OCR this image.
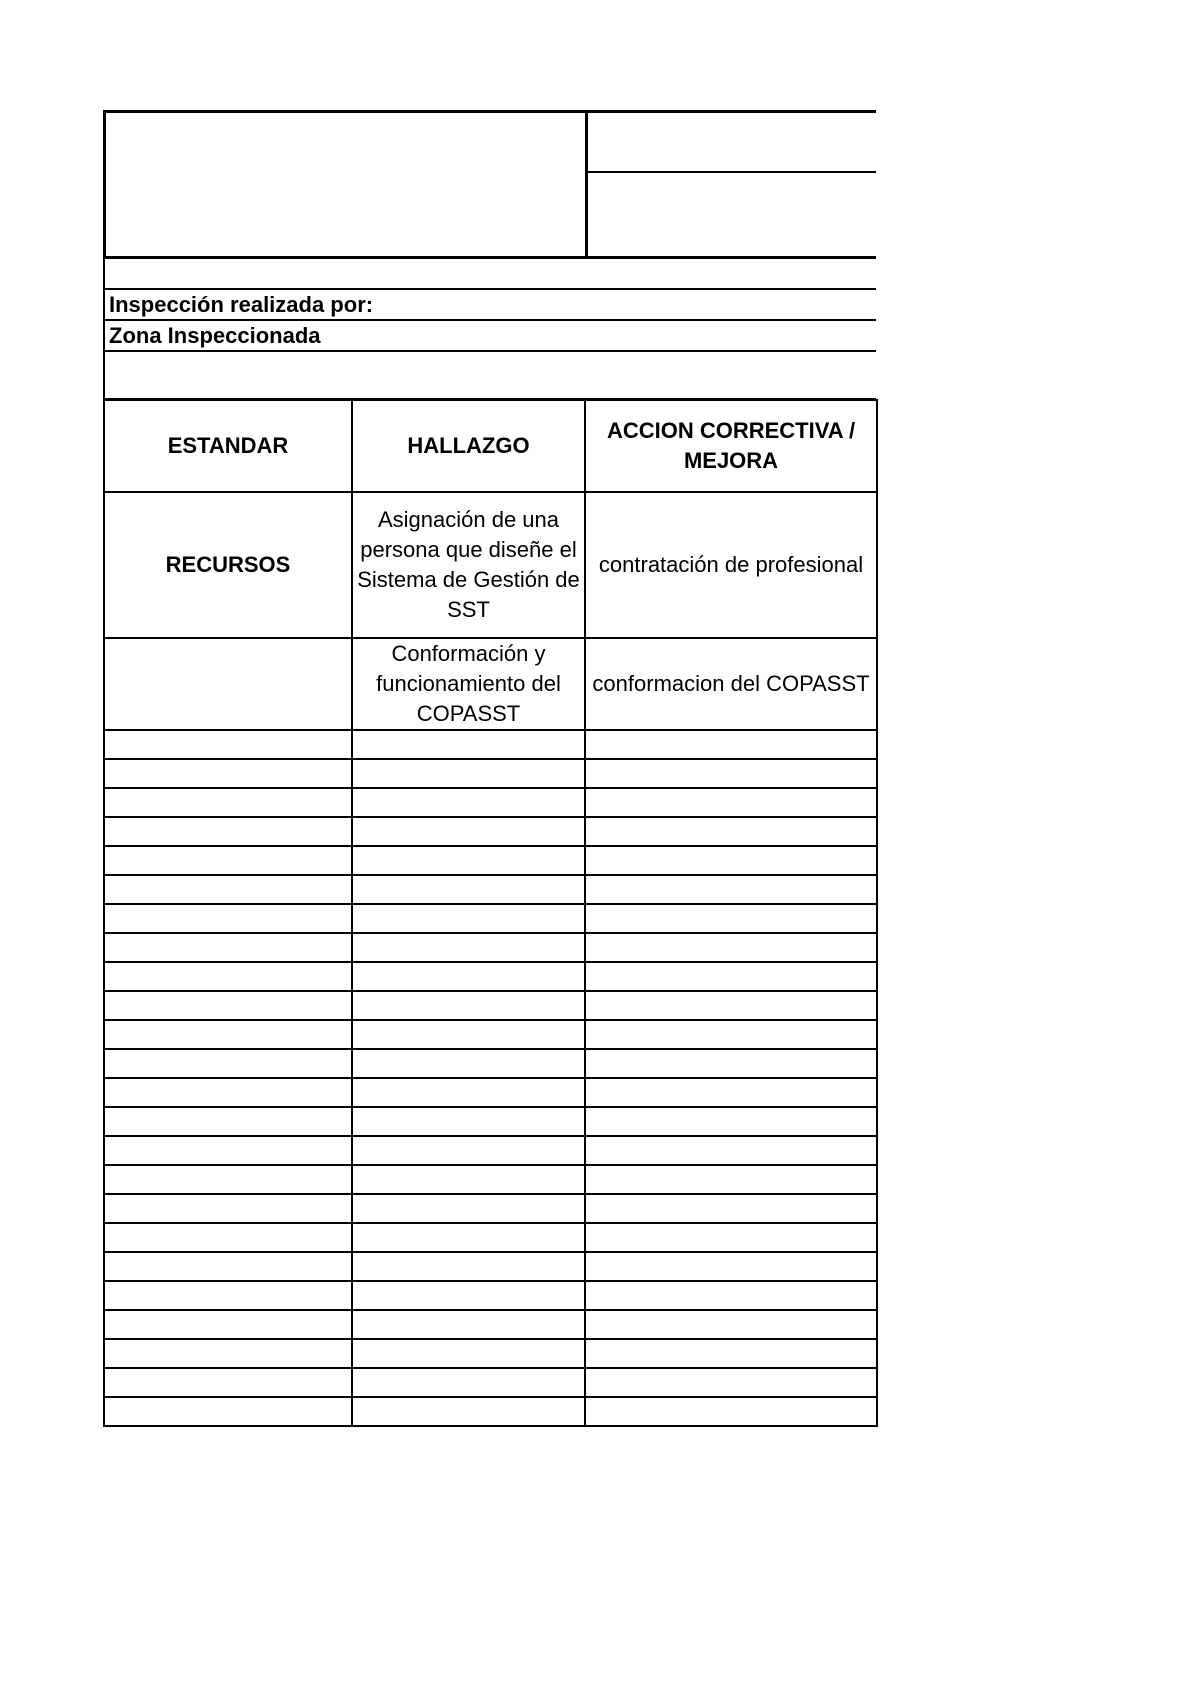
Inspección realizada por:
Zona Inspeccionada
ESTANDAR	HALLAZGO	ACCION CORRECTIVA / MEJORA
RECURSOS	Asignación de una persona que diseñe el Sistema de Gestión de SST	contratación de profesional
	Conformación y funcionamiento del COPASST	conformacion del COPASST
